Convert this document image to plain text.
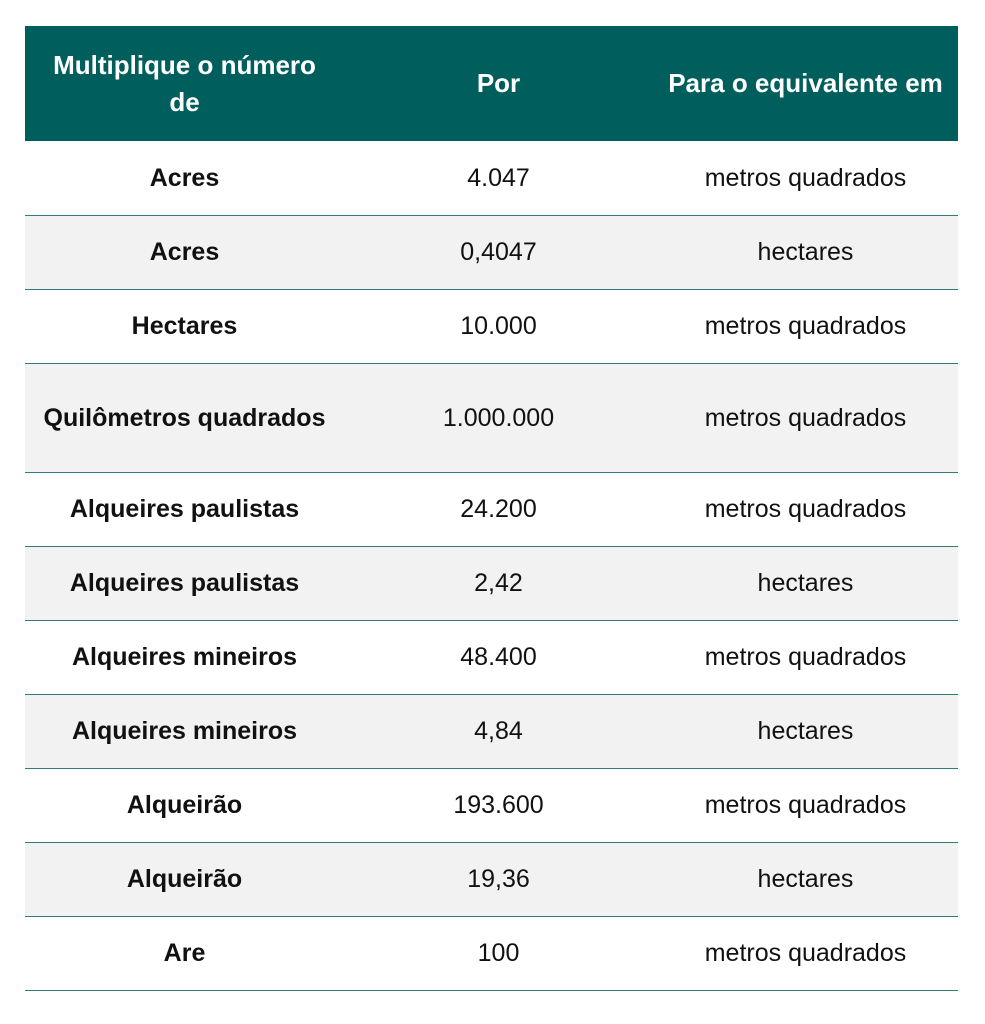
Multiplique o número de	Por	Para o equivalente em
Acres	4.047	metros quadrados
Acres	0,4047	hectares
Hectares	10.000	metros quadrados
Quilômetros quadrados	1.000.000	metros quadrados
Alqueires paulistas	24.200	metros quadrados
Alqueires paulistas	2,42	hectares
Alqueires mineiros	48.400	metros quadrados
Alqueires mineiros	4,84	hectares
Alqueirão	193.600	metros quadrados
Alqueirão	19,36	hectares
Are	100	metros quadrados
